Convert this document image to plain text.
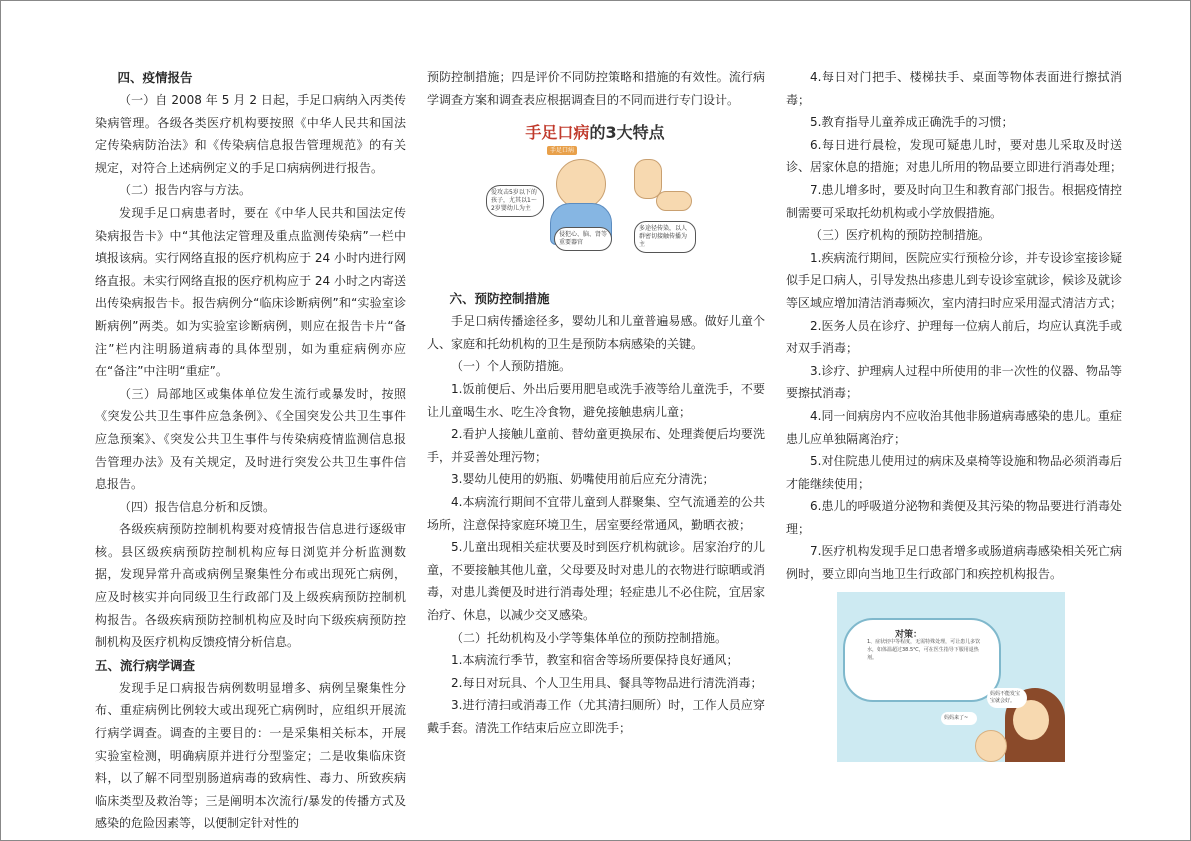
四、疫情报告

（一）自 2008 年 5 月 2 日起，手足口病纳入丙类传染病管理。各级各类医疗机构要按照《中华人民共和国法定传染病防治法》和《传染病信息报告管理规范》的有关规定，对符合上述病例定义的手足口病病例进行报告。

（二）报告内容与方法。

发现手足口病患者时，要在《中华人民共和国法定传染病报告卡》中“其他法定管理及重点监测传染病”一栏中填报该病。实行网络直报的医疗机构应于 24 小时内进行网络直报。未实行网络直报的医疗机构应于 24 小时之内寄送出传染病报告卡。报告病例分“临床诊断病例”和“实验室诊断病例”两类。如为实验室诊断病例，则应在报告卡片“备注”栏内注明肠道病毒的具体型别，如为重症病例亦应在“备注”中注明“重症”。

（三）局部地区或集体单位发生流行或暴发时，按照《突发公共卫生事件应急条例》、《全国突发公共卫生事件应急预案》、《突发公共卫生事件与传染病疫情监测信息报告管理办法》及有关规定，及时进行突发公共卫生事件信息报告。

（四）报告信息分析和反馈。

各级疾病预防控制机构要对疫情报告信息进行逐级审核。县区级疾病预防控制机构应每日浏览并分析监测数据，发现异常升高或病例呈聚集性分布或出现死亡病例，应及时核实并向同级卫生行政部门及上级疾病预防控制机构报告。各级疾病预防控制机构应及时向下级疾病预防控制机构及医疗机构反馈疫情分析信息。

五、流行病学调查

发现手足口病报告病例数明显增多、病例呈聚集性分布、重症病例比例较大或出现死亡病例时，应组织开展流行病学调查。调查的主要目的：一是采集相关标本，开展实验室检测，明确病原并进行分型鉴定；二是收集临床资料，以了解不同型别肠道病毒的致病性、毒力、所致疾病临床类型及救治等；三是阐明本次流行/暴发的传播方式及感染的危险因素等，以便制定针对性的

预防控制措施；四是评价不同防控策略和措施的有效性。流行病学调查方案和调查表应根据调查目的不同而进行专门设计。

手足口病的3大特点
手足口病
爱攻击5岁以下的孩子，尤其以1～2岁婴幼儿为主
侵犯心、脑、肾等重要器官
多途径传染，以人群密切接触传播为主
六、预防控制措施

手足口病传播途径多，婴幼儿和儿童普遍易感。做好儿童个人、家庭和托幼机构的卫生是预防本病感染的关键。

（一）个人预防措施。

1.饭前便后、外出后要用肥皂或洗手液等给儿童洗手，不要让儿童喝生水、吃生冷食物，避免接触患病儿童；

2.看护人接触儿童前、替幼童更换尿布、处理粪便后均要洗手，并妥善处理污物；

3.婴幼儿使用的奶瓶、奶嘴使用前后应充分清洗；

4.本病流行期间不宜带儿童到人群聚集、空气流通差的公共场所，注意保持家庭环境卫生，居室要经常通风，勤晒衣被；

5.儿童出现相关症状要及时到医疗机构就诊。居家治疗的儿童，不要接触其他儿童，父母要及时对患儿的衣物进行晾晒或消毒，对患儿粪便及时进行消毒处理；轻症患儿不必住院，宜居家治疗、休息，以减少交叉感染。

（二）托幼机构及小学等集体单位的预防控制措施。

1.本病流行季节，教室和宿舍等场所要保持良好通风；

2.每日对玩具、个人卫生用具、餐具等物品进行清洗消毒；

3.进行清扫或消毒工作（尤其清扫厕所）时，工作人员应穿戴手套。清洗工作结束后应立即洗手；

4.每日对门把手、楼梯扶手、桌面等物体表面进行擦拭消毒；

5.教育指导儿童养成正确洗手的习惯；

6.每日进行晨检，发现可疑患儿时，要对患儿采取及时送诊、居家休息的措施；对患儿所用的物品要立即进行消毒处理；

7.患儿增多时，要及时向卫生和教育部门报告。根据疫情控制需要可采取托幼机构或小学放假措施。

（三）医疗机构的预防控制措施。

1.疾病流行期间，医院应实行预检分诊，并专设诊室接诊疑似手足口病人，引导发热出疹患儿到专设诊室就诊，候诊及就诊等区域应增加清洁消毒频次，室内清扫时应采用湿式清洁方式；

2.医务人员在诊疗、护理每一位病人前后，均应认真洗手或对双手消毒；

3.诊疗、护理病人过程中所使用的非一次性的仪器、物品等要擦拭消毒；

4.同一间病房内不应收治其他非肠道病毒感染的患儿。重症患儿应单独隔离治疗；

5.对住院患儿使用过的病床及桌椅等设施和物品必须消毒后才能继续使用；

6.患儿的呼吸道分泌物和粪便及其污染的物品要进行消毒处理；

7.医疗机构发现手足口患者增多或肠道病毒感染相关死亡病例时，要立即向当地卫生行政部门和疾控机构报告。

对策：
1、症状轻中等程度，无需特殊处理，可让患儿多饮水，如体温超过38.5℃，可在医生指导下服用退热剂。
妈妈不能发宝宝就会好。
妈妈来了~
